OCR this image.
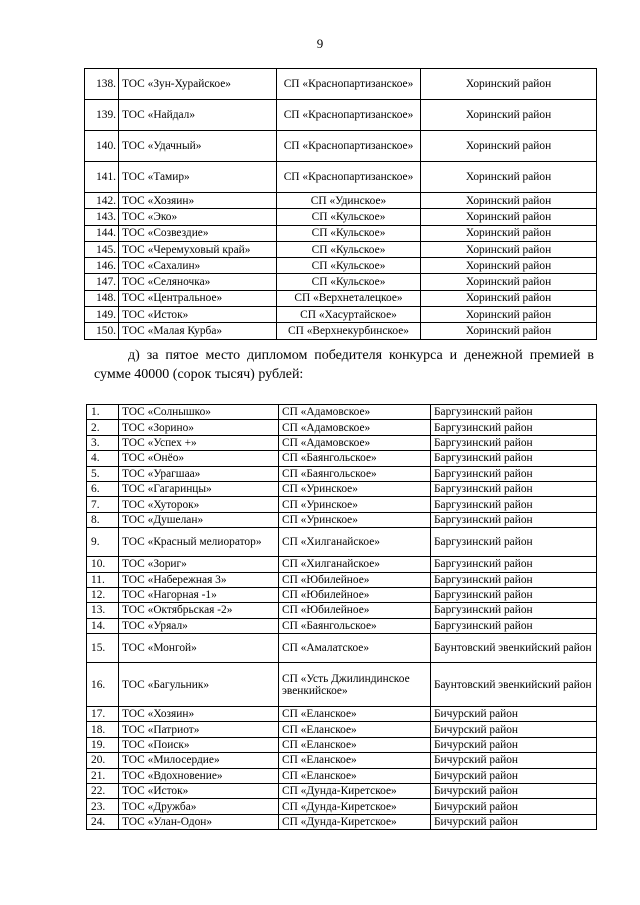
9
138.	ТОС «Зун-Хурайское»	СП «Краснопартизанское»	Хоринский район
139.	ТОС «Найдал»	СП «Краснопартизанское»	Хоринский район
140.	ТОС «Удачный»	СП «Краснопартизанское»	Хоринский район
141.	ТОС «Тамир»	СП «Краснопартизанское»	Хоринский район
142.	ТОС «Хозяин»	СП «Удинское»	Хоринский район
143.	ТОС «Эко»	СП «Кульское»	Хоринский район
144.	ТОС «Созвездие»	СП «Кульское»	Хоринский район
145.	ТОС «Черемуховый край»	СП «Кульское»	Хоринский район
146.	ТОС «Сахалин»	СП «Кульское»	Хоринский район
147.	ТОС «Селяночка»	СП «Кульское»	Хоринский район
148.	ТОС «Центральное»	СП «Верхнеталецкое»	Хоринский район
149.	ТОС «Исток»	СП «Хасуртайское»	Хоринский район
150.	ТОС «Малая Курба»	СП «Верхнекурбинское»	Хоринский район

д) за пятое место дипломом победителя конкурса и денежной премией в сумме 40000 (сорок тысяч) рублей:

1.	ТОС «Солнышко»	СП «Адамовское»	Баргузинский район
2.	ТОС «Зорино»	СП «Адамовское»	Баргузинский район
3.	ТОС «Успех +»	СП «Адамовское»	Баргузинский район
4.	ТОС «Онёо»	СП «Баянгольское»	Баргузинский район
5.	ТОС «Урагшаа»	СП «Баянгольское»	Баргузинский район
6.	ТОС «Гагаринцы»	СП «Уринское»	Баргузинский район
7.	ТОС «Хуторок»	СП «Уринское»	Баргузинский район
8.	ТОС «Душелан»	СП «Уринское»	Баргузинский район
9.	ТОС «Красный мелиоратор»	СП «Хилганайское»	Баргузинский район
10.	ТОС «Зориг»	СП «Хилганайское»	Баргузинский район
11.	ТОС «Набережная 3»	СП «Юбилейное»	Баргузинский район
12.	ТОС «Нагорная -1»	СП «Юбилейное»	Баргузинский район
13.	ТОС «Октябрьская -2»	СП «Юбилейное»	Баргузинский район
14.	ТОС «Уряал»	СП «Баянгольское»	Баргузинский район
15.	ТОС «Монгой»	СП «Амалатское»	Баунтовский эвенкийский район
16.	ТОС «Багульник»	СП «Усть Джилиндинское эвенкийское»	Баунтовский эвенкийский район
17.	ТОС «Хозяин»	СП «Еланское»	Бичурский район
18.	ТОС «Патриот»	СП «Еланское»	Бичурский район
19.	ТОС «Поиск»	СП «Еланское»	Бичурский район
20.	ТОС «Милосердие»	СП «Еланское»	Бичурский район
21.	ТОС «Вдохновение»	СП «Еланское»	Бичурский район
22.	ТОС «Исток»	СП «Дунда-Киретское»	Бичурский район
23.	ТОС «Дружба»	СП «Дунда-Киретское»	Бичурский район
24.	ТОС «Улан-Одон»	СП «Дунда-Киретское»	Бичурский район
